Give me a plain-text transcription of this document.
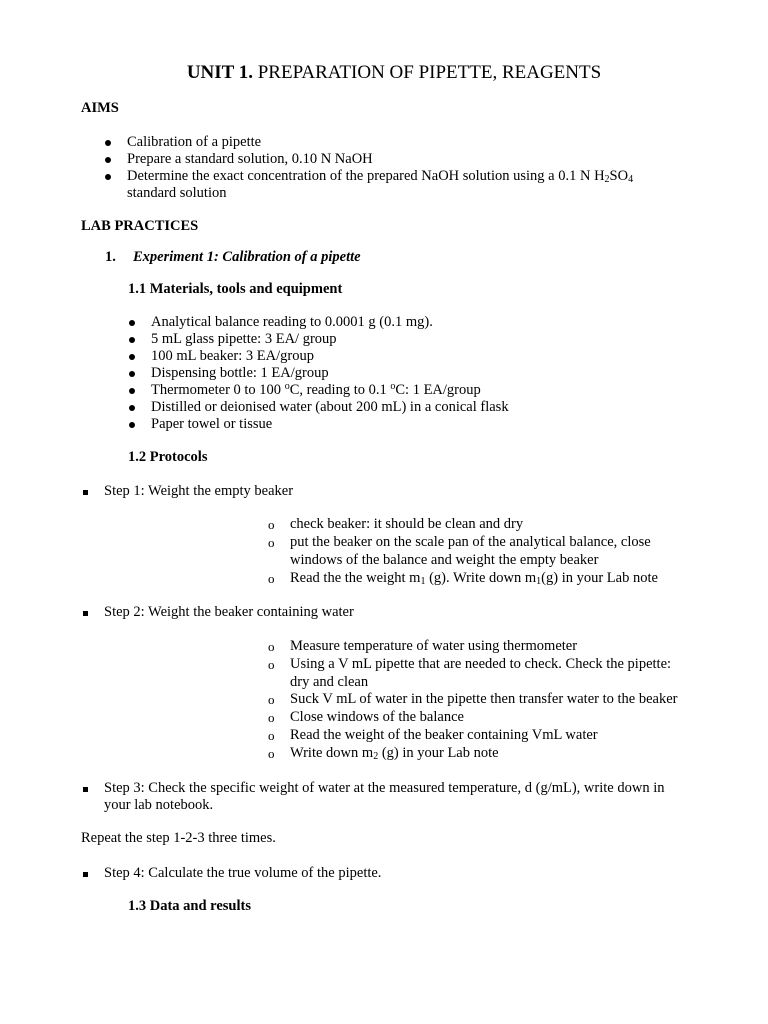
UNIT 1. PREPARATION OF PIPETTE, REAGENTS
AIMS
Calibration of a pipette
Prepare a standard solution, 0.10 N NaOH
Determine the exact concentration of the prepared NaOH solution using a 0.1 N $H_2SO_4$
standard solution
LAB PRACTICES
1. Experiment 1: Calibration of a pipette
1.1 Materials, tools and equipment
Analytical balance reading to 0.0001 g (0.1 mg).
5 mL glass pipette: 3 EA/ group
100 mL beaker: 3 EA/group
Dispensing bottle: 1 EA/group
Thermometer 0 to 100 $^o$C, reading to 0.1 $^o$C: 1 EA/group
Distilled or deionised water (about 200 mL) in a conical flask
Paper towel or tissue
1.2 Protocols
Step 1: Weight the empty beaker
o check beaker: it should be clean and dry
o put the beaker on the scale pan of the analytical balance, close
windows of the balance and weight the empty beaker
o Read the the weight $m_1$ (g). Write down $m_1(g)$ in your Lab note
Step 2: Weight the beaker containing water
o Measure temperature of water using thermometer
o Using a V mL pipette that are needed to check. Check the pipette:
dry and clean
o Suck V mL of water in the pipette then transfer water to the beaker
o Close windows of the balance
o Read the weight of the beaker containing VmL water
o Write down $m_2$ (g) in your Lab note
Step 3: Check the specific weight of water at the measured temperature, d (g/mL), write down in
your lab notebook.
Repeat the step 1-2-3 three times.
Step 4: Calculate the true volume of the pipette.
1.3 Data and results
